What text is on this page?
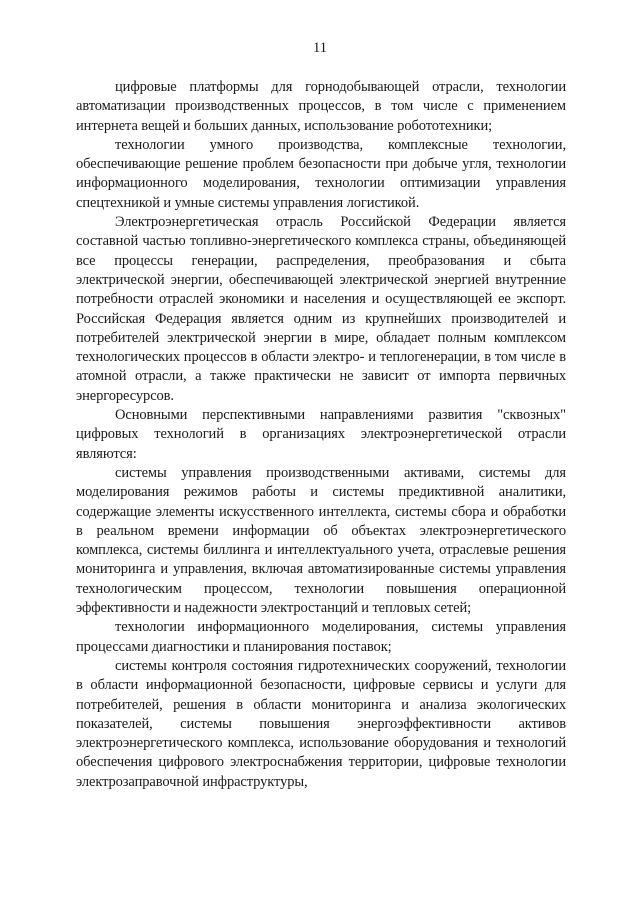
11

цифровые платформы для горнодобывающей отрасли, технологии автоматизации производственных процессов, в том числе с применением интернета вещей и больших данных, использование робототехники;

технологии умного производства, комплексные технологии, обеспечивающие решение проблем безопасности при добыче угля, технологии информационного моделирования, технологии оптимизации управления спецтехникой и умные системы управления логистикой.

Электроэнергетическая отрасль Российской Федерации является составной частью топливно-энергетического комплекса страны, объединяющей все процессы генерации, распределения, преобразования и сбыта электрической энергии, обеспечивающей электрической энергией внутренние потребности отраслей экономики и населения и осуществляющей ее экспорт. Российская Федерация является одним из крупнейших производителей и потребителей электрической энергии в мире, обладает полным комплексом технологических процессов в области электро- и теплогенерации, в том числе в атомной отрасли, а также практически не зависит от импорта первичных энергоресурсов.

Основными перспективными направлениями развития "сквозных" цифровых технологий в организациях электроэнергетической отрасли являются:

системы управления производственными активами, системы для моделирования режимов работы и системы предиктивной аналитики, содержащие элементы искусственного интеллекта, системы сбора и обработки в реальном времени информации об объектах электроэнергетического комплекса, системы биллинга и интеллектуального учета, отраслевые решения мониторинга и управления, включая автоматизированные системы управления технологическим процессом, технологии повышения операционной эффективности и надежности электростанций и тепловых сетей;

технологии информационного моделирования, системы управления процессами диагностики и планирования поставок;

системы контроля состояния гидротехнических сооружений, технологии в области информационной безопасности, цифровые сервисы и услуги для потребителей, решения в области мониторинга и анализа экологических показателей, системы повышения энергоэффективности активов электроэнергетического комплекса, использование оборудования и технологий обеспечения цифрового электроснабжения территории, цифровые технологии электрозаправочной инфраструктуры,
